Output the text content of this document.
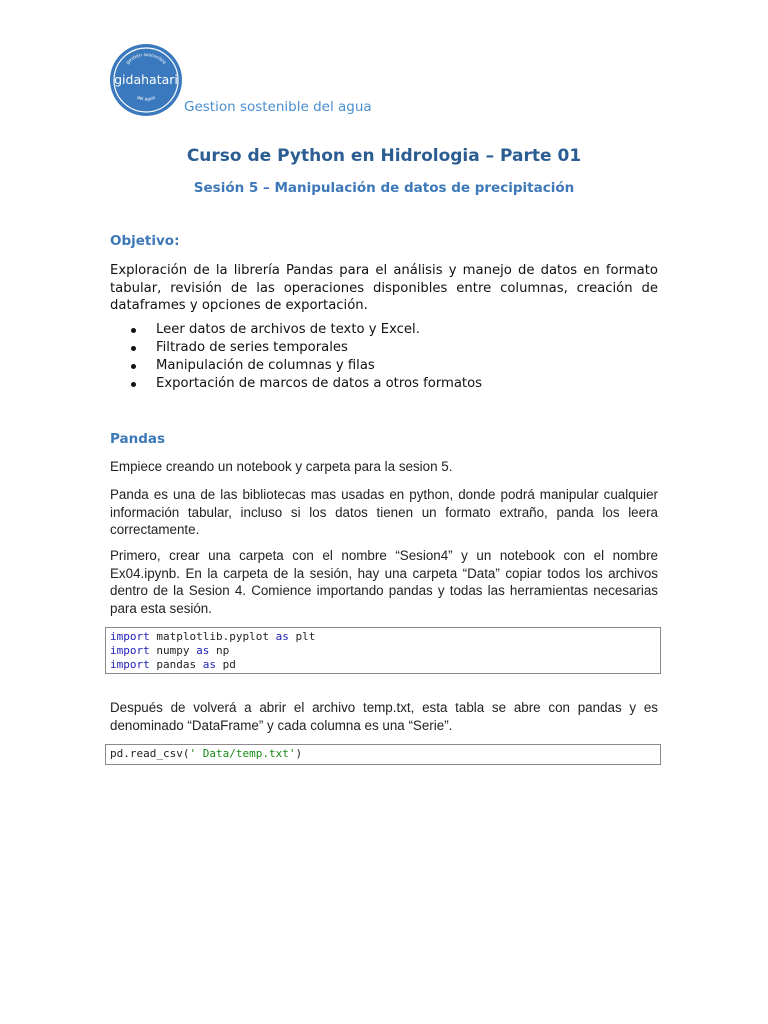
gestión sostenible
gidahatari
del agua
Gestion sostenible del agua
Curso de Python en Hidrologia – Parte 01
Sesión 5 – Manipulación de datos de precipitación
Objetivo:

Exploración de la librería Pandas para el análisis y manejo de datos en formato tabular, revisión de las operaciones disponibles entre columnas, creación de dataframes y opciones de exportación.

Leer datos de archivos de texto y Excel.
Filtrado de series temporales
Manipulación de columnas y filas
Exportación de marcos de datos a otros formatos
Pandas

Empiece creando un notebook y carpeta para la sesion 5.

Panda es una de las bibliotecas mas usadas en python, donde podrá manipular cualquier información tabular, incluso si los datos tienen un formato extraño, panda los leera correctamente.

Primero, crear una carpeta con el nombre “Sesion4” y un notebook con el nombre Ex04.ipynb. En la carpeta de la sesión, hay una carpeta “Data” copiar todos los archivos dentro de la Sesion 4. Comience importando pandas y todas las herramientas necesarias para esta sesión.

import matplotlib.pyplot as plt
import numpy as np
import pandas as pd

Después de volverá a abrir el archivo temp.txt, esta tabla se abre con pandas y es denominado “DataFrame” y cada columna es una “Serie”.

pd.read_csv(' Data/temp.txt')
